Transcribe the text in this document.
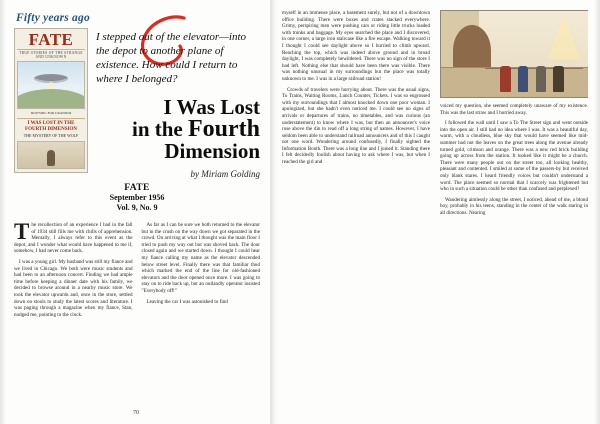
Fifty years ago
FATE
TRUE STORIES OF THE STRANGE AND UNKNOWN
DOWSING FOR URANIUM
I WAS LOST IN THE FOURTH DIMENSION
THE MYSTERY OF THE WOLF
I stepped out of the elevator—into the depot to another plane of existence. How could I return to where I belonged?
I Was Lost
in the Fourth
Dimension
by Miriam Golding
FATE
September 1956
Vol. 9, No. 9

The recollection of an experience I had in the fall of 1934 still fills me with chills of apprehension. Mentally, I always refer to this event as the depot, and I wonder what would have happened to me if, somehow, I had never come back.

I was a young girl. My husband was still my fiance and we lived in Chicago. We both were music students and had been to an afternoon concert. Finding we had ample time before keeping a dinner date with his family, we decided to browse around in a nearby music store. We took the elevator upwards and, once in the store, settled down on stools to study the latest scores and literature. I was paging through a magazine when my fiance, Stan, nudged me, pointing to the clock.

As far as I can be sure we both returned to the elevator but in the crush on the way down we got separated in the crowd. On arriving at what I thought was the main floor I tried to push my way out but was shoved back. The door closed again and we started down. I thought I could hear my fiance calling my name as the elevator descended below street level. Finally there was that familiar thud which marked the end of the line for old-fashioned elevators and the door opened once more. I was going to stay on to ride back up, but an outlandly operator insisted "Everybody off!"

Leaving the car I was astonished to find

70

myself in an immense place, a basement surely, but not of a downtown office building. There were boxes and crates stacked everywhere. Grimy, perspiring men were pushing cars or riding little trucks loaded with trunks and baggage. My eyes searched the place and I discovered, in one corner, a large iron staircase like a fire escape. Walking toward it I thought I could see daylight above so I hurried to climb upward. Reaching the top, which was indeed above ground and in broad daylight, I was completely bewildered. There was no sign of the store I had left. Nothing else that should have been there was visible. There was nothing unusual in my surroundings but the place was totally unknown to me. I was in a large railroad station!

Crowds of travelers were hurrying about. There was the usual signs, To Trains, Waiting Rooms, Lunch Counter, Tickets. I was so engrossed with my surroundings that I almost knocked down one poor woman. I apologized, but she hadn't even noticed me. I could see no signs of arrivals or departures of trains, no timetables, and was curious (an understatement) to know where I was, but then an announcer's voice rose above the din to read off a long string of names. However, I have seldom been able to understand railroad announcers and of this I caught not one word. Wondering around confusedly, I finally sighted the Information Booth. There was a long line and I joined it. Standing there I felt decidedly foolish about having to ask where I was, but when I reached the girl and

voiced my question, she seemed completely unaware of my existence. This was the last straw and I hurried away.

I followed the wall until I saw a To The Street sign and went outside into the open air. I still had no idea where I was. It was a beautiful day, warm, with a cloudless, blue sky that would have seemed like mid-summer had not the leaves on the great trees along the avenue already turned gold, crimson and orange. There was a new red brick building going up across from the station. It looked like it might be a church. There were many people out on the street too, all looking healthy, pleasant and contented. I smiled at some of the passers-by but received only blank stares. I heard friendly voices but couldn't understand a word. The place seemed so normal that I scarcely was frightened but who in such a situation could be other than confused and perplexed?

Wandering aimlessly along the street, I noticed, ahead of me, a blond boy, probably in his teens, standing in the center of the walk staring in all directions. Nearing
